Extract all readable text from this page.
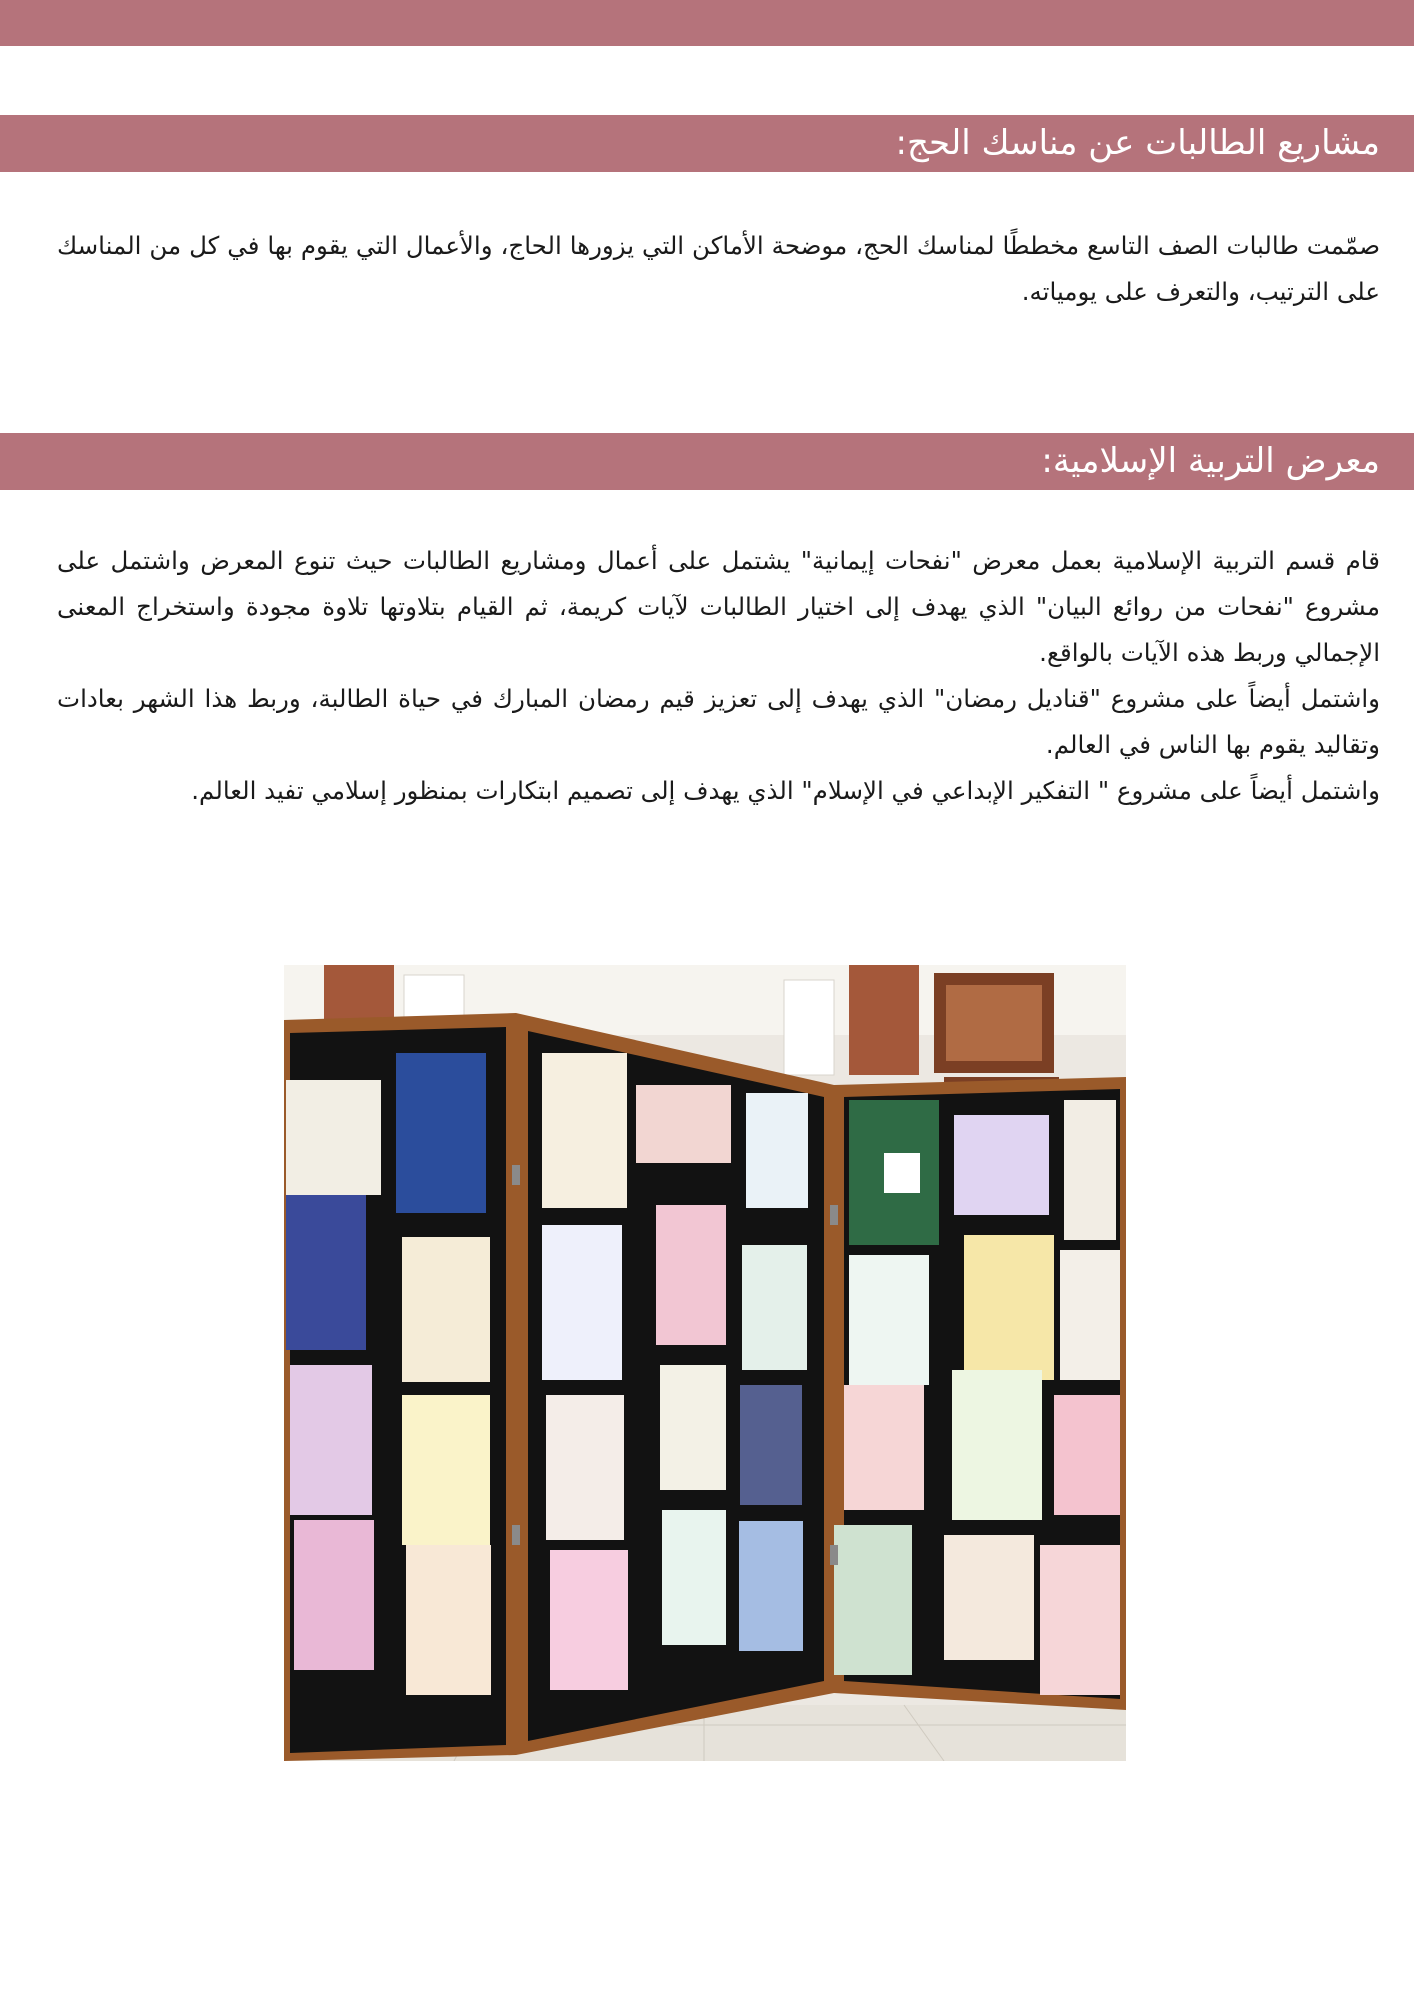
مشاريع الطالبات عن مناسك الحج:

صمّمت طالبات الصف التاسع مخططًا لمناسك الحج، موضحة الأماكن التي يزورها الحاج، والأعمال التي يقوم بها في كل من المناسك على الترتيب، والتعرف على يومياته.

معرض التربية الإسلامية:

قام قسم التربية الإسلامية بعمل معرض "نفحات إيمانية" يشتمل على أعمال ومشاريع الطالبات حيث تنوع المعرض واشتمل على مشروع "نفحات من روائع البيان" الذي يهدف إلى اختيار الطالبات لآيات كريمة، ثم القيام بتلاوتها تلاوة مجودة واستخراج المعنى الإجمالي وربط هذه الآيات بالواقع.

واشتمل أيضاً على مشروع "قناديل رمضان" الذي يهدف إلى تعزيز قيم رمضان المبارك في حياة الطالبة، وربط هذا الشهر بعادات وتقاليد يقوم بها الناس في العالم.

واشتمل أيضاً على مشروع " التفكير الإبداعي في الإسلام" الذي يهدف إلى تصميم ابتكارات بمنظور إسلامي تفيد العالم.
